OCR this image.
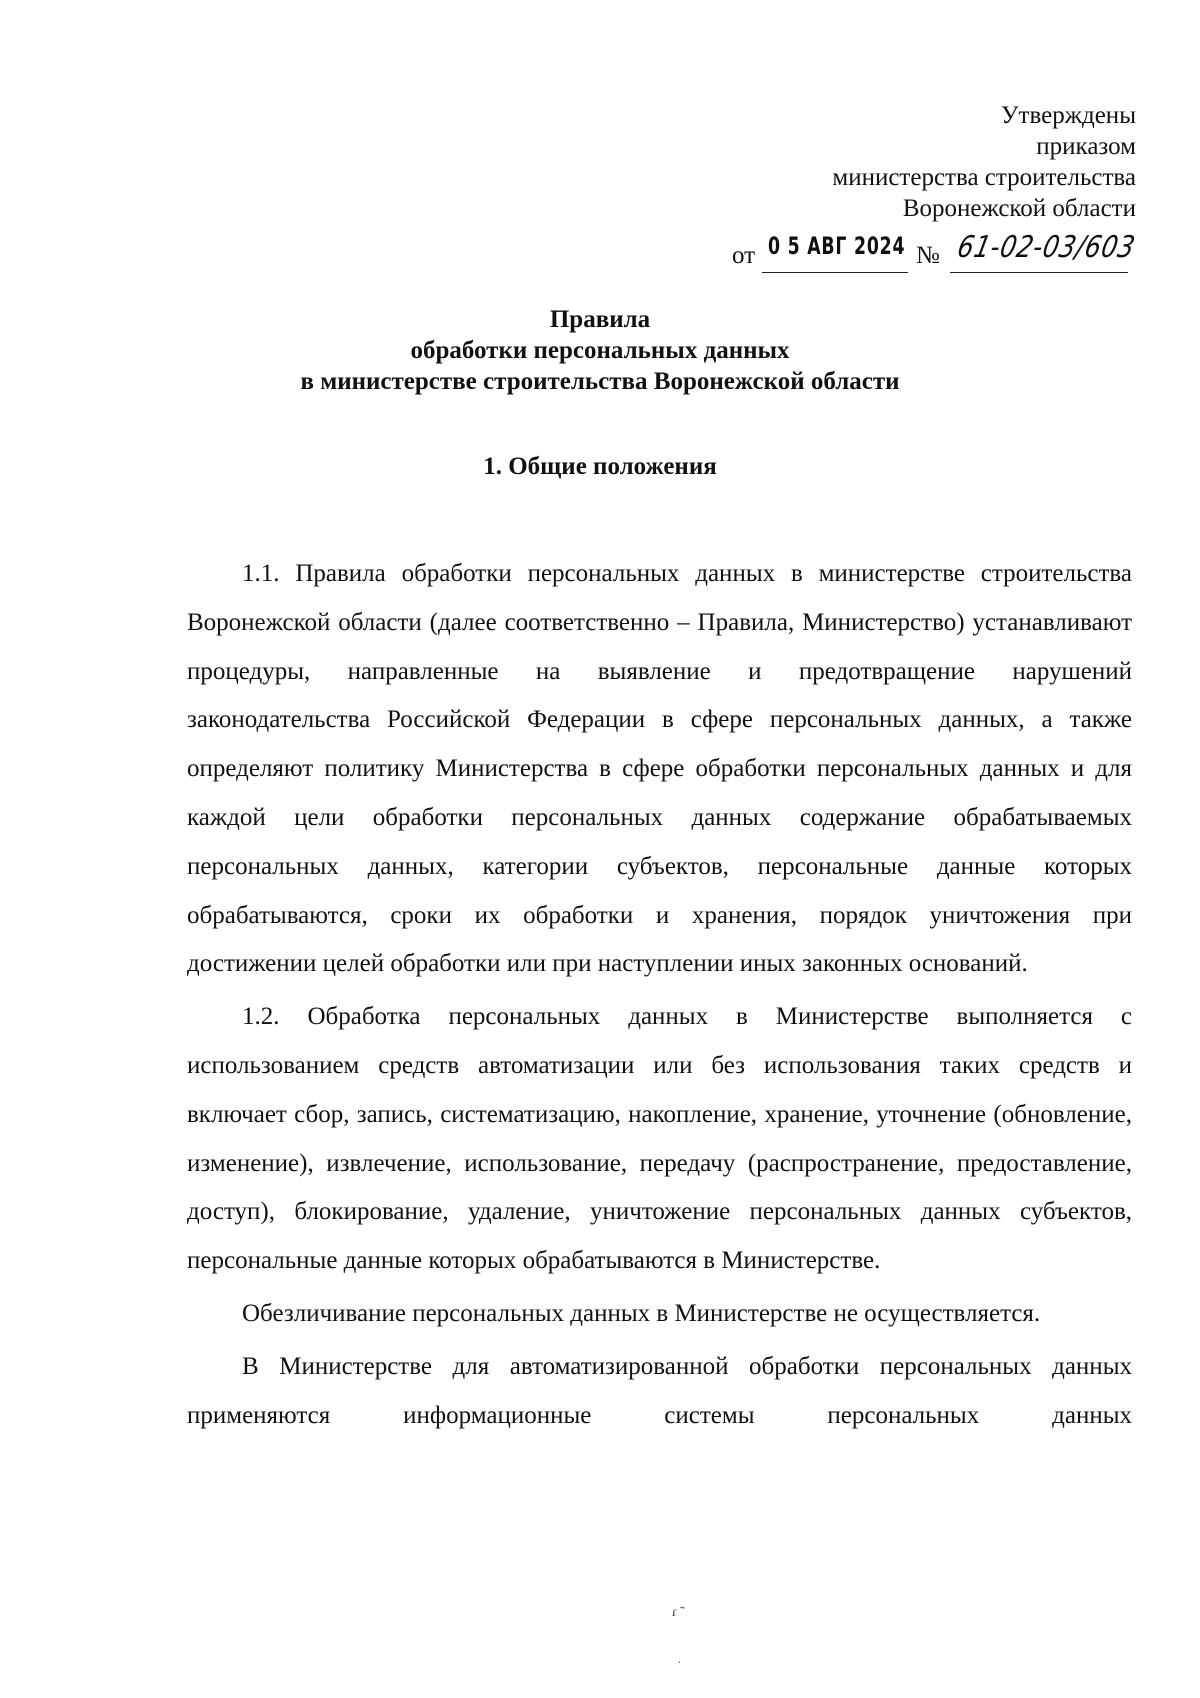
Утверждены
приказом
министерства строительства
Воронежской области
от 0 5 АВГ 2024 № 61-02-03/603
Правила
обработки персональных данных
в министерстве строительства Воронежской области
1. Общие положения

1.1. Правила обработки персональных данных в министерстве строительства Воронежской области (далее соответственно – Правила, Министерство) устанавливают процедуры, направленные на выявление и предотвращение нарушений законодательства Российской Федерации в сфере персональных данных, а также определяют политику Министерства в сфере обработки персональных данных и для каждой цели обработки персональных данных содержание обрабатываемых персональных данных, категории субъектов, персональные данные которых обрабатываются, сроки их обработки и хранения, порядок уничтожения при достижении целей обработки или при наступлении иных законных оснований.

1.2. Обработка персональных данных в Министерстве выполняется с использованием средств автоматизации или без использования таких средств и включает сбор, запись, систематизацию, накопление, хранение, уточнение (обновление, изменение), извлечение, использование, передачу (распространение, предоставление, доступ), блокирование, удаление, уничтожение персональных данных субъектов, персональные данные которых обрабатываются в Министерстве.

Обезличивание персональных данных в Министерстве не осуществляется.

В Министерстве для автоматизированной обработки персональных данных применяются информационные системы персональных данных

ɾ ˜
.
